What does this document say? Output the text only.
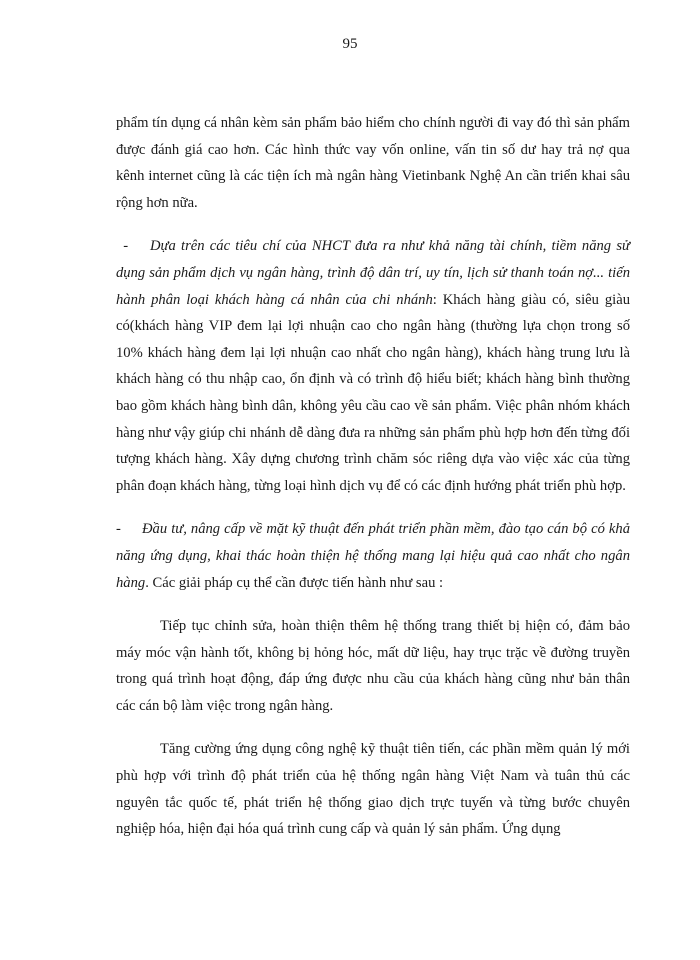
95

phẩm tín dụng cá nhân kèm sản phẩm bảo hiểm cho chính người đi vay đó thì sản phẩm được đánh giá cao hơn. Các hình thức vay vốn online, vấn tin số dư hay trả nợ qua kênh internet cũng là các tiện ích mà ngân hàng Vietinbank Nghệ An cần triển khai sâu rộng hơn nữa.

- Dựa trên các tiêu chí của NHCT đưa ra như khả năng tài chính, tiềm năng sử dụng sản phẩm dịch vụ ngân hàng, trình độ dân trí, uy tín, lịch sử thanh toán nợ... tiến hành phân loại khách hàng cá nhân của chi nhánh: Khách hàng giàu có, siêu giàu có(khách hàng VIP đem lại lợi nhuận cao cho ngân hàng (thường lựa chọn trong số 10% khách hàng đem lại lợi nhuận cao nhất cho ngân hàng), khách hàng trung lưu là khách hàng có thu nhập cao, ổn định và có trình độ hiểu biết; khách hàng bình thường bao gồm khách hàng bình dân, không yêu cầu cao về sản phẩm. Việc phân nhóm khách hàng như vậy giúp chi nhánh dễ dàng đưa ra những sản phẩm phù hợp hơn đến từng đối tượng khách hàng. Xây dựng chương trình chăm sóc riêng dựa vào việc xác của từng phân đoạn khách hàng, từng loại hình dịch vụ để có các định hướng phát triển phù hợp.

- Đầu tư, nâng cấp về mặt kỹ thuật đến phát triển phần mềm, đào tạo cán bộ có khả năng ứng dụng, khai thác hoàn thiện hệ thống mang lại hiệu quả cao nhất cho ngân hàng. Các giải pháp cụ thể cần được tiến hành như sau :

Tiếp tục chỉnh sửa, hoàn thiện thêm hệ thống trang thiết bị hiện có, đảm bảo máy móc vận hành tốt, không bị hỏng hóc, mất dữ liệu, hay trục trặc về đường truyền trong quá trình hoạt động, đáp ứng được nhu cầu của khách hàng cũng như bản thân các cán bộ làm việc trong ngân hàng.

Tăng cường ứng dụng công nghệ kỹ thuật tiên tiến, các phần mềm quản lý mới phù hợp với trình độ phát triển của hệ thống ngân hàng Việt Nam và tuân thủ các nguyên tắc quốc tế, phát triển hệ thống giao dịch trực tuyến và từng bước chuyên nghiệp hóa, hiện đại hóa quá trình cung cấp và quản lý sản phẩm. Ứng dụng
